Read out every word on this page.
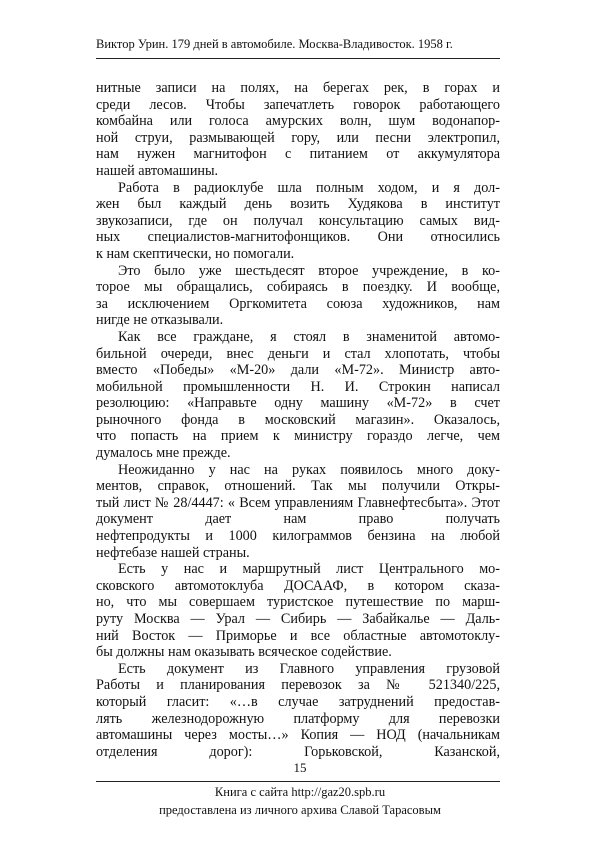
Виктор Урин. 179 дней в автомобиле. Москва-Владивосток. 1958 г.
нитные записи на полях, на берегах рек, в горах и
среди лесов. Чтобы запечатлеть говорок работающего
комбайна или голоса амурских волн, шум водонапор-
ной струи, размывающей гору, или песни электропил,
нам нужен магнитофон с питанием от аккумулятора
нашей автомашины.
Работа в радиоклубе шла полным ходом, и я дол-
жен был каждый день возить Худякова в институт
звукозаписи, где он получал консультацию самых вид-
ных специалистов-магнитофонщиков. Они относились
к нам скептически, но помогали.
Это было уже шестьдесят второе учреждение, в ко-
торое мы обращались, собираясь в поездку. И вообще,
за исключением Оргкомитета союза художников, нам
нигде не отказывали.
Как все граждане, я стоял в знаменитой автомо-
бильной очереди, внес деньги и стал хлопотать, чтобы
вместо «Победы» «М-20» дали «М-72». Министр авто-
мобильной промышленности Н. И. Строкин написал
резолюцию: «Направьте одну машину «М-72» в счет
рыночного фонда в московский магазин». Оказалось,
что попасть на прием к министру гораздо легче, чем
думалось мне прежде.
Неожиданно у нас на руках появилось много доку-
ментов, справок, отношений. Так мы получили Откры-
тый лист № 28/4447: « Всем управлениям Главнефтесбыта». Этот
документ дает нам право получать
нефтепродукты и 1000 килограммов бензина на любой
нефтебазе нашей страны.
Есть у нас и маршрутный лист Центрального мо-
сковского автомотоклуба ДОСААФ, в котором сказа-
но, что мы совершаем туристское путешествие по марш-
руту Москва — Урал — Сибирь — Забайкалье — Даль-
ний Восток — Приморье и все областные автомотоклу-
бы должны нам оказывать всяческое содействие.
Есть документ из Главного управления грузовой
Работы и планирования перевозок за № 521340/225,
который гласит: «…в случае затруднений предостав-
лять железнодорожную платформу для перевозки
автомашины через мосты…» Копия — НОД (начальникам
отделения дорог): Горьковской, Казанской,
15
Книга с сайта http://gaz20.spb.ru
предоставлена из личного архива Славой Тарасовым
